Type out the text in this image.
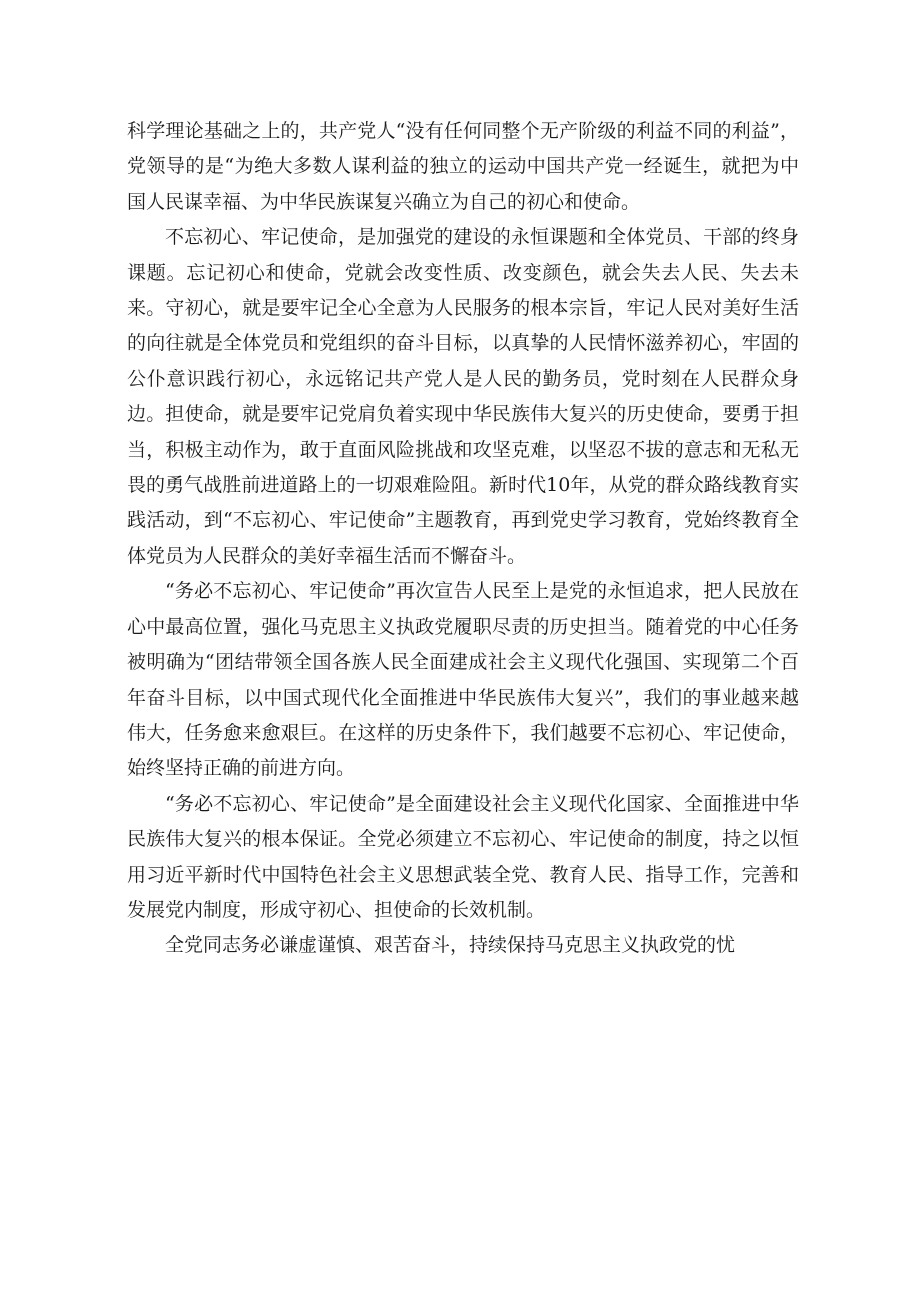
科学理论基础之上的，共产党人“没有任何同整个无产阶级的利益不同的利益”，党领导的是“为绝大多数人谋利益的独立的运动中国共产党一经诞生，就把为中国人民谋幸福、为中华民族谋复兴确立为自己的初心和使命。

不忘初心、牢记使命，是加强党的建设的永恒课题和全体党员、干部的终身课题。忘记初心和使命，党就会改变性质、改变颜色，就会失去人民、失去未来。守初心，就是要牢记全心全意为人民服务的根本宗旨，牢记人民对美好生活的向往就是全体党员和党组织的奋斗目标，以真挚的人民情怀滋养初心，牢固的公仆意识践行初心，永远铭记共产党人是人民的勤务员，党时刻在人民群众身边。担使命，就是要牢记党肩负着实现中华民族伟大复兴的历史使命，要勇于担当，积极主动作为，敢于直面风险挑战和攻坚克难，以坚忍不拔的意志和无私无畏的勇气战胜前进道路上的一切艰难险阻。新时代10年，从党的群众路线教育实践活动，到“不忘初心、牢记使命”主题教育，再到党史学习教育，党始终教育全体党员为人民群众的美好幸福生活而不懈奋斗。

“务必不忘初心、牢记使命”再次宣告人民至上是党的永恒追求，把人民放在心中最高位置，强化马克思主义执政党履职尽责的历史担当。随着党的中心任务被明确为“团结带领全国各族人民全面建成社会主义现代化强国、实现第二个百年奋斗目标，以中国式现代化全面推进中华民族伟大复兴”，我们的事业越来越伟大，任务愈来愈艰巨。在这样的历史条件下，我们越要不忘初心、牢记使命，始终坚持正确的前进方向。

“务必不忘初心、牢记使命”是全面建设社会主义现代化国家、全面推进中华民族伟大复兴的根本保证。全党必须建立不忘初心、牢记使命的制度，持之以恒用习近平新时代中国特色社会主义思想武装全党、教育人民、指导工作，完善和发展党内制度，形成守初心、担使命的长效机制。

全党同志务必谦虚谨慎、艰苦奋斗，持续保持马克思主义执政党的忧
